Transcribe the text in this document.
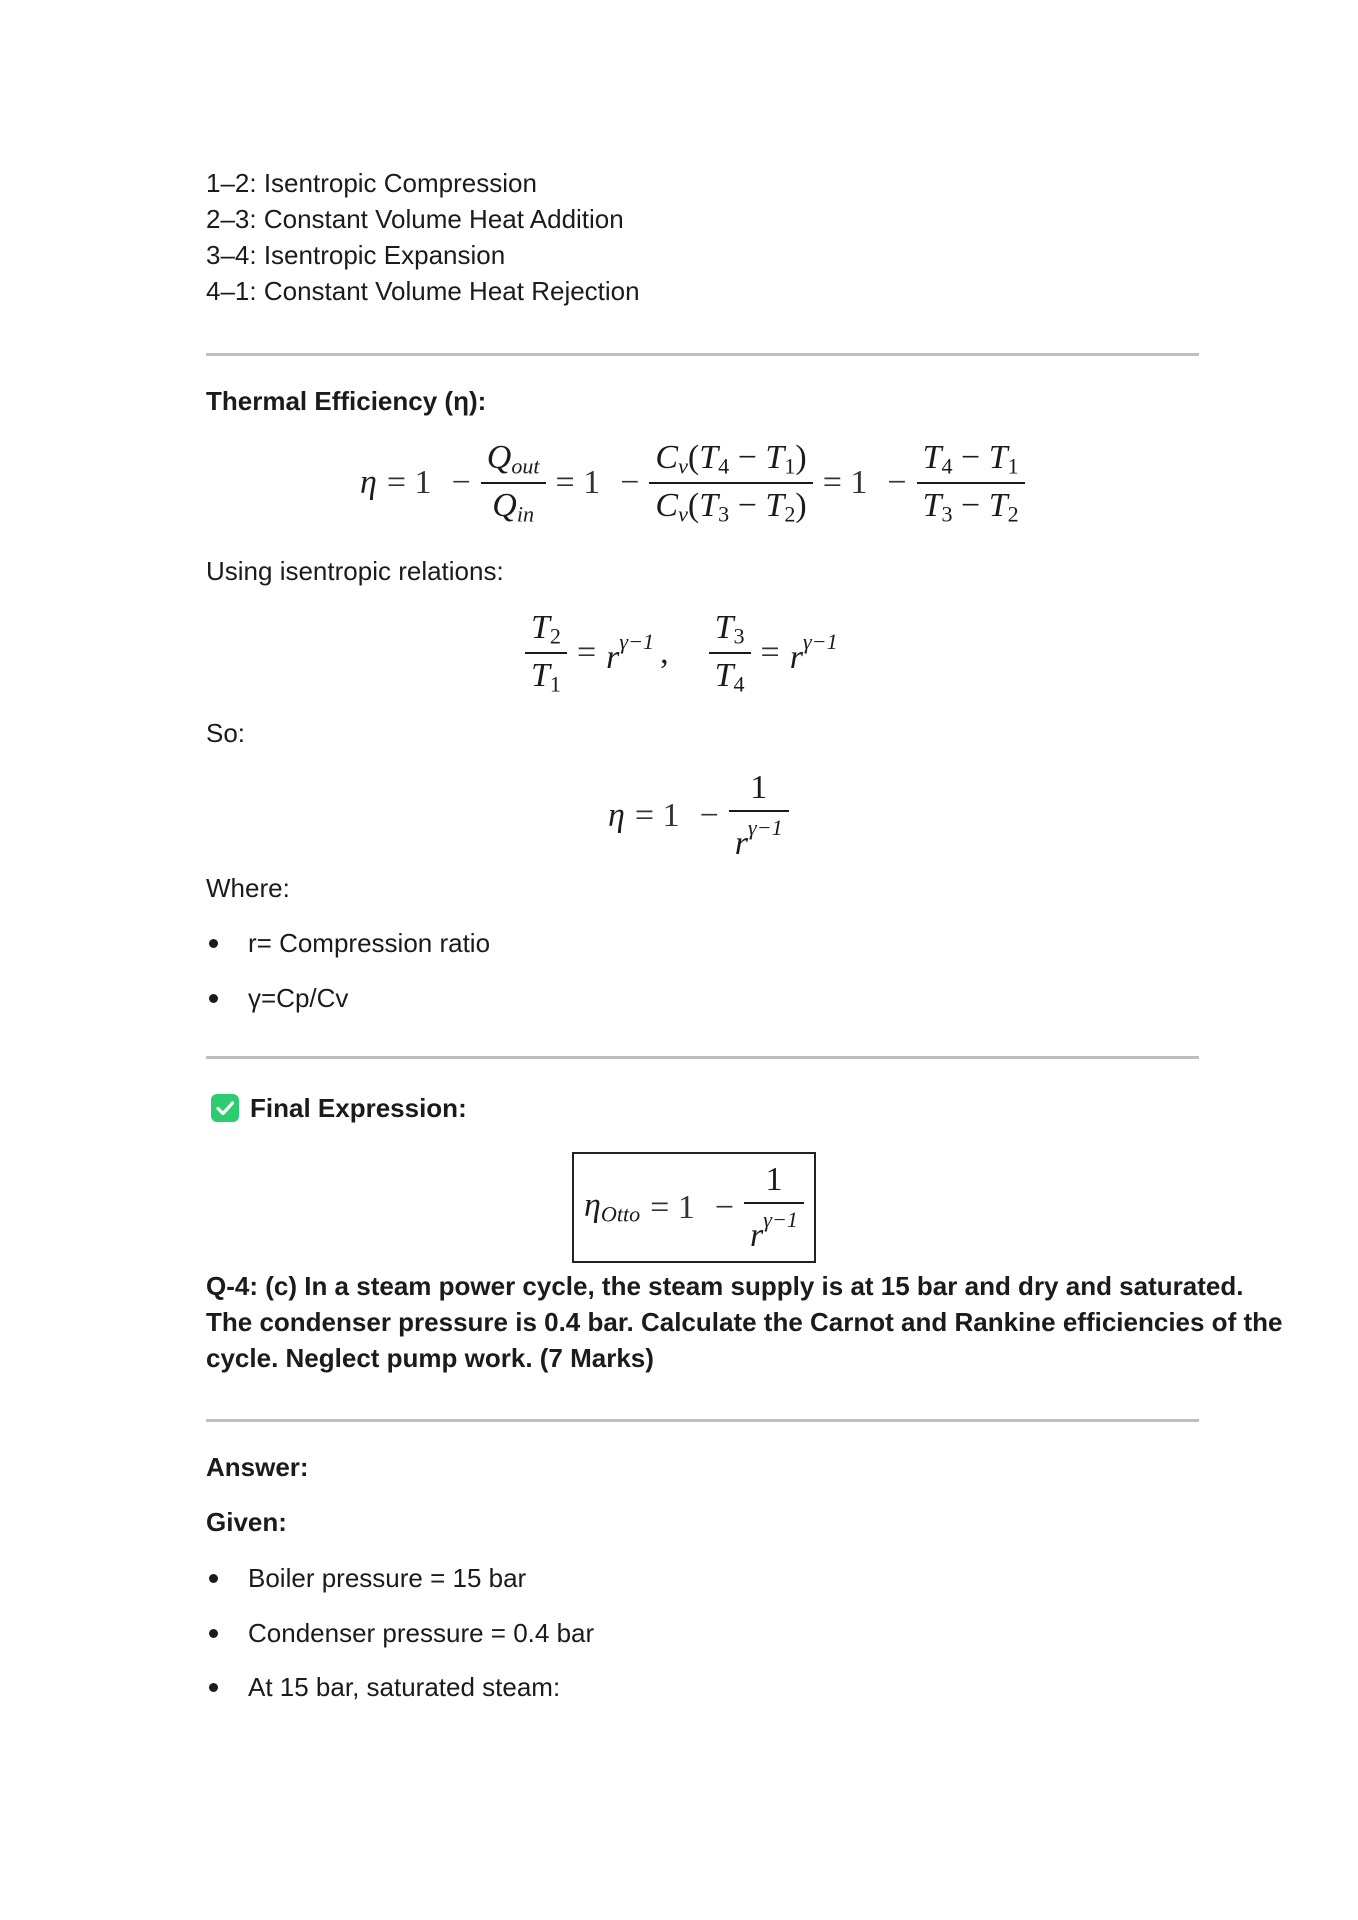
1–2: Isentropic Compression
2–3: Constant Volume Heat Addition
3–4: Isentropic Expansion
4–1: Constant Volume Heat Rejection
Thermal Efficiency (η):
$\eta = 1 - \frac{Q_{out}}{Q_{in}} = 1 - \frac{C_v(T_4 - T_1)}{C_v(T_3 - T_2)} = 1 - \frac{T_4 - T_1}{T_3 - T_2}$
Using isentropic relations:
$\frac{T_2}{T_1} = r^{\gamma-1}$ ,	$\frac{T_3}{T_4} = r^{\gamma-1}$
So:
$\eta = 1 - \frac{1}{r^{\gamma-1}}$
Where:
r= Compression ratio
γ=Cp/Cv
Final Expression:
$\eta_{Otto} = 1 - \frac{1}{r^{\gamma-1}}$
Q-4: (c) In a steam power cycle, the steam supply is at 15 bar and dry and saturated.
The condenser pressure is 0.4 bar. Calculate the Carnot and Rankine efficiencies of the
cycle. Neglect pump work. (7 Marks)
Answer:
Given:
Boiler pressure = 15 bar
Condenser pressure = 0.4 bar
At 15 bar, saturated steam:
